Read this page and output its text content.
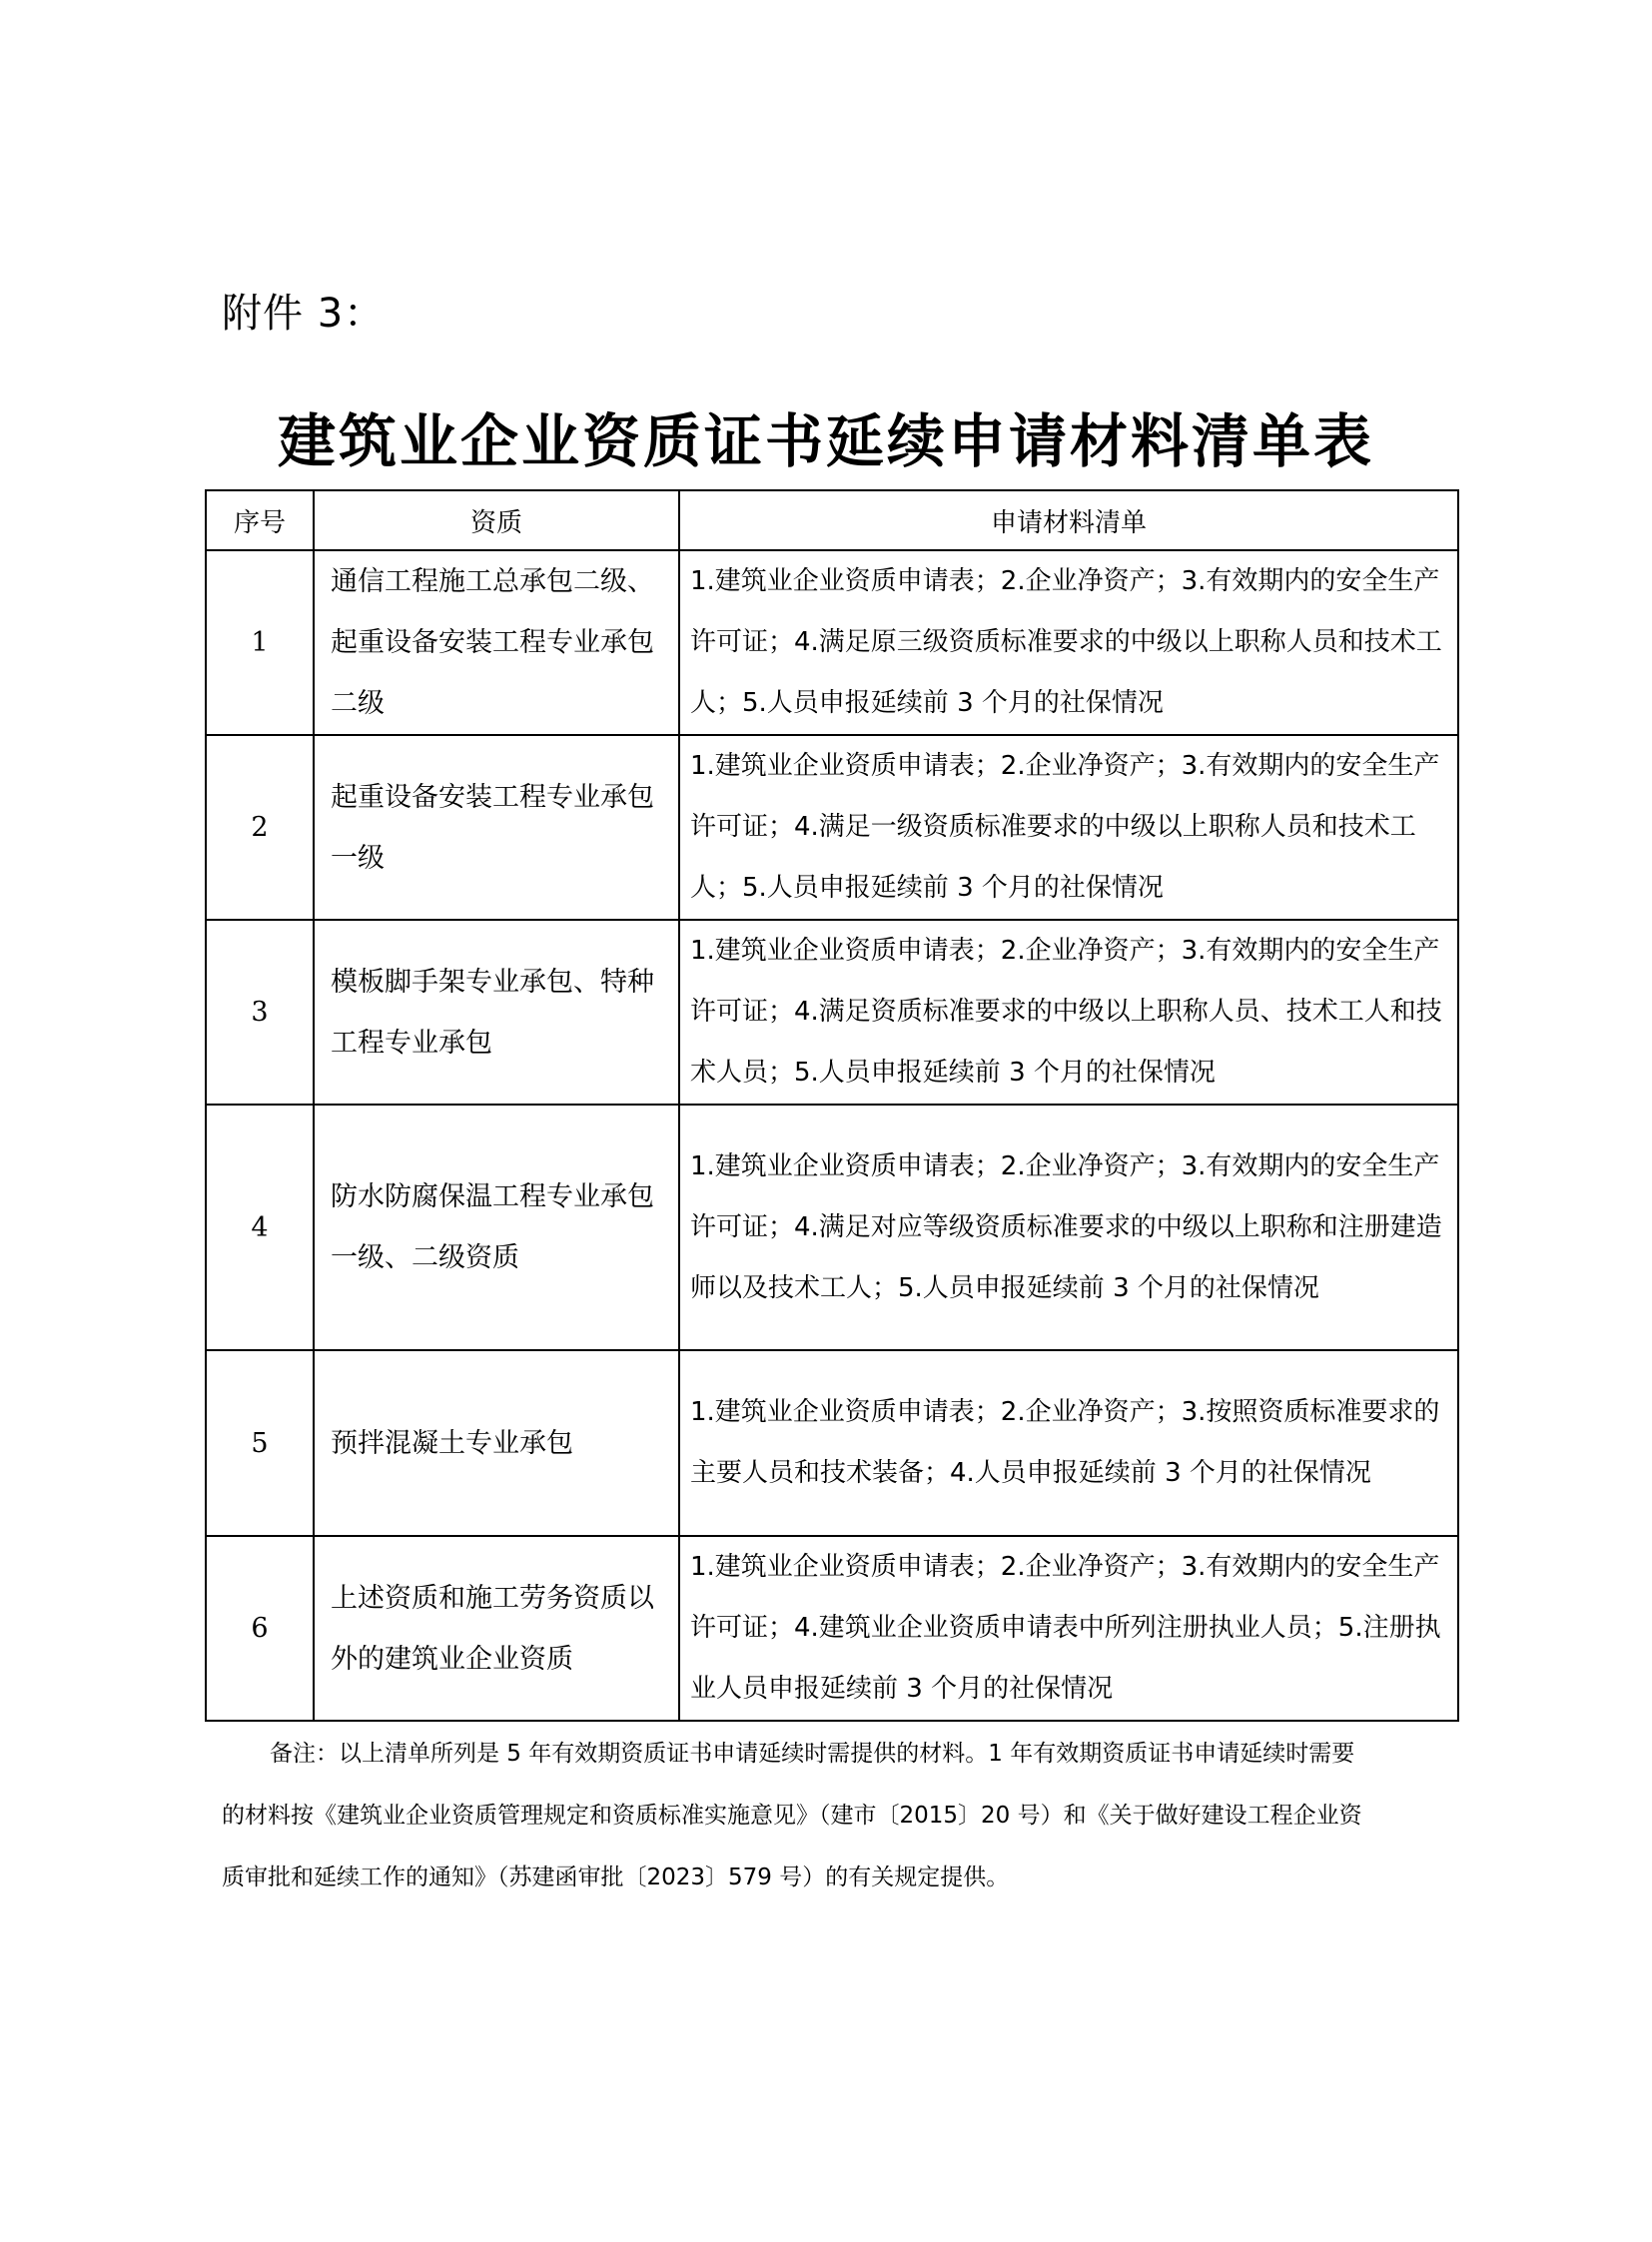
附件 3：
建筑业企业资质证书延续申请材料清单表
序号	资质	申请材料清单
1	通信工程施工总承包二级、起重设备安装工程专业承包二级	1.建筑业企业资质申请表；2.企业净资产；3.有效期内的安全生产许可证；4.满足原三级资质标准要求的中级以上职称人员和技术工人；5.人员申报延续前 3 个月的社保情况
2	起重设备安装工程专业承包一级	1.建筑业企业资质申请表；2.企业净资产；3.有效期内的安全生产许可证；4.满足一级资质标准要求的中级以上职称人员和技术工人；5.人员申报延续前 3 个月的社保情况
3	模板脚手架专业承包、特种工程专业承包	1.建筑业企业资质申请表；2.企业净资产；3.有效期内的安全生产许可证；4.满足资质标准要求的中级以上职称人员、技术工人和技术人员；5.人员申报延续前 3 个月的社保情况
4	防水防腐保温工程专业承包一级、二级资质	1.建筑业企业资质申请表；2.企业净资产；3.有效期内的安全生产许可证；4.满足对应等级资质标准要求的中级以上职称和注册建造师以及技术工人；5.人员申报延续前 3 个月的社保情况
5	预拌混凝土专业承包	1.建筑业企业资质申请表；2.企业净资产；3.按照资质标准要求的主要人员和技术装备；4.人员申报延续前 3 个月的社保情况
6	上述资质和施工劳务资质以外的建筑业企业资质	1.建筑业企业资质申请表；2.企业净资产；3.有效期内的安全生产许可证；4.建筑业企业资质申请表中所列注册执业人员；5.注册执业人员申报延续前 3 个月的社保情况

备注：以上清单所列是 5 年有效期资质证书申请延续时需提供的材料。1 年有效期资质证书申请延续时需要

的材料按《建筑业企业资质管理规定和资质标准实施意见》（建市〔2015〕20 号）和《关于做好建设工程企业资

质审批和延续工作的通知》（苏建函审批〔2023〕579 号）的有关规定提供。
